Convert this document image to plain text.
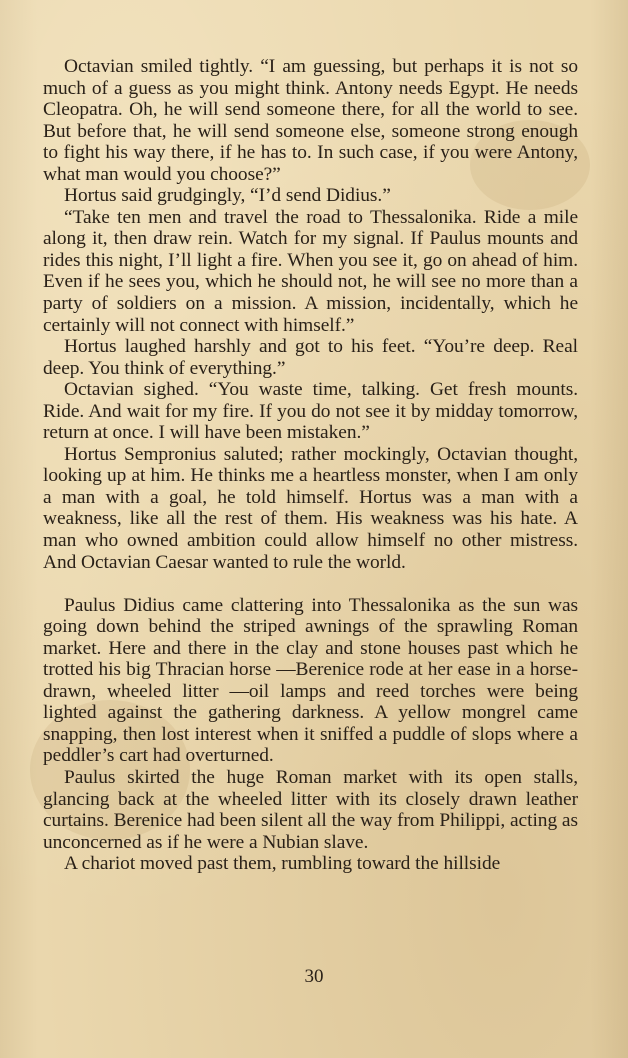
Octavian smiled tightly. “I am guessing, but perhaps it is not so much of a guess as you might think. Antony needs Egypt. He needs Cleopatra. Oh, he will send someone there, for all the world to see. But before that, he will send someone else, someone strong enough to fight his way there, if he has to. In such case, if you were Antony, what man would you choose?”

Hortus said grudgingly, “I’d send Didius.”

“Take ten men and travel the road to Thessalonika. Ride a mile along it, then draw rein. Watch for my signal. If Paulus mounts and rides this night, I’ll light a fire. When you see it, go on ahead of him. Even if he sees you, which he should not, he will see no more than a party of soldiers on a mission. A mission, incidentally, which he certainly will not connect with himself.”

Hortus laughed harshly and got to his feet. “You’re deep. Real deep. You think of everything.”

Octavian sighed. “You waste time, talking. Get fresh mounts. Ride. And wait for my fire. If you do not see it by midday tomorrow, return at once. I will have been mistaken.”

Hortus Sempronius saluted; rather mockingly, Octavian thought, looking up at him. He thinks me a heartless monster, when I am only a man with a goal, he told himself. Hortus was a man with a weakness, like all the rest of them. His weakness was his hate. A man who owned ambition could allow himself no other mistress. And Octavian Caesar wanted to rule the world.

Paulus Didius came clattering into Thessalonika as the sun was going down behind the striped awnings of the sprawling Roman market. Here and there in the clay and stone houses past which he trotted his big Thracian horse —Berenice rode at her ease in a horse-drawn, wheeled litter —oil lamps and reed torches were being lighted against the gathering darkness. A yellow mongrel came snapping, then lost interest when it sniffed a puddle of slops where a peddler’s cart had overturned.

Paulus skirted the huge Roman market with its open stalls, glancing back at the wheeled litter with its closely drawn leather curtains. Berenice had been silent all the way from Philippi, acting as unconcerned as if he were a Nubian slave.

A chariot moved past them, rumbling toward the hillside

30
